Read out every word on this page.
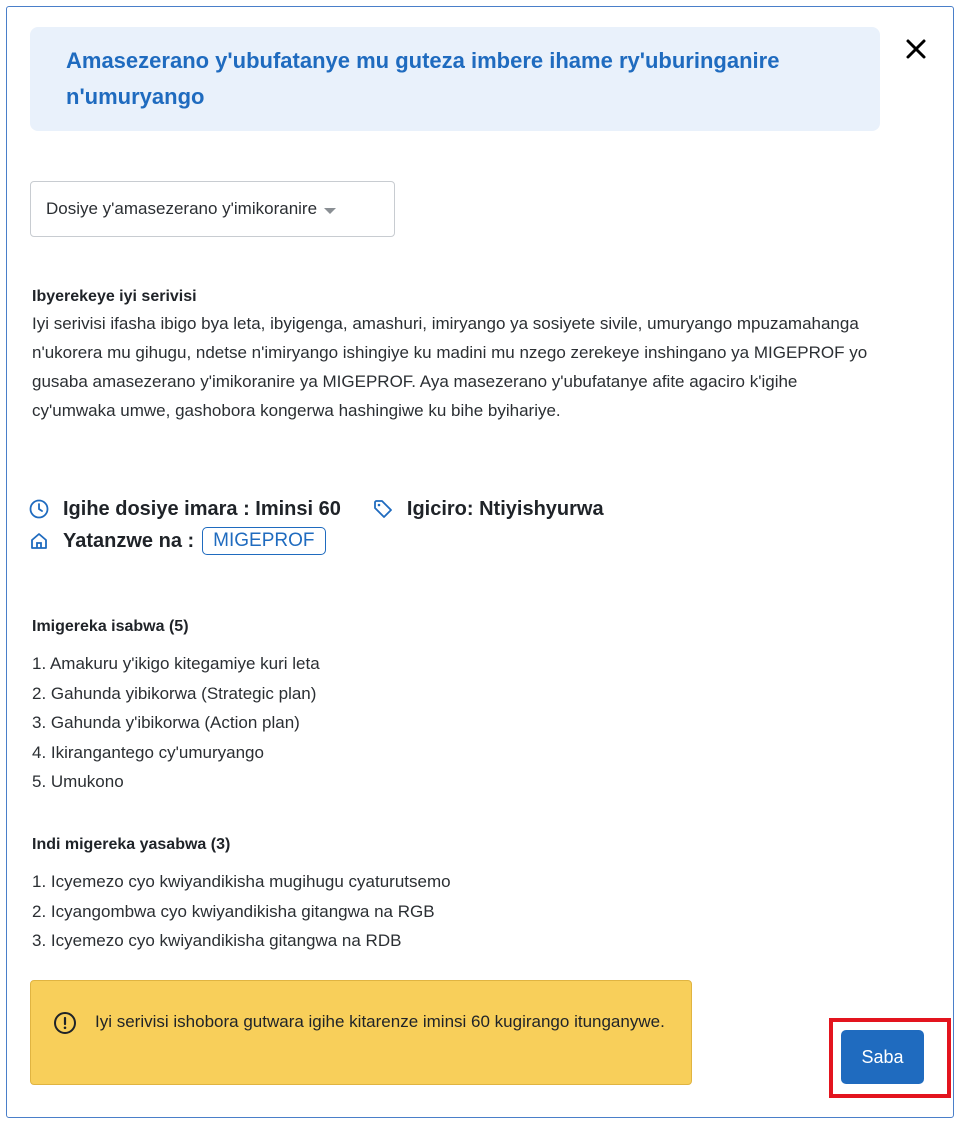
Amasezerano y'ubufatanye mu guteza imbere ihame ry'uburinganire n'umuryango
Dosiye y'amasezerano y'imikoranire
Ibyerekeye iyi serivisi
Iyi serivisi ifasha ibigo bya leta, ibyigenga, amashuri, imiryango ya sosiyete sivile, umuryango mpuzamahanga n'ukorera mu gihugu, ndetse n'imiryango ishingiye ku madini mu nzego zerekeye inshingano ya MIGEPROF yo gusaba amasezerano y'imikoranire ya MIGEPROF. Aya masezerano y'ubufatanye afite agaciro k'igihe cy'umwaka umwe, gashobora kongerwa hashingiwe ku bihe byihariye.
Igihe dosiye imara : Iminsi 60	Igiciro: Ntiyishyurwa
Yatanzwe na :	MIGEPROF
Imigereka isabwa (5)
1. Amakuru y'ikigo kitegamiye kuri leta
2. Gahunda yibikorwa (Strategic plan)
3. Gahunda y'ibikorwa (Action plan)
4. Ikirangantego cy'umuryango
5. Umukono
Indi migereka yasabwa (3)
1. Icyemezo cyo kwiyandikisha mugihugu cyaturutsemo
2. Icyangombwa cyo kwiyandikisha gitangwa na RGB
3. Icyemezo cyo kwiyandikisha gitangwa na RDB
Iyi serivisi ishobora gutwara igihe kitarenze iminsi 60 kugirango itunganywe.
Saba
